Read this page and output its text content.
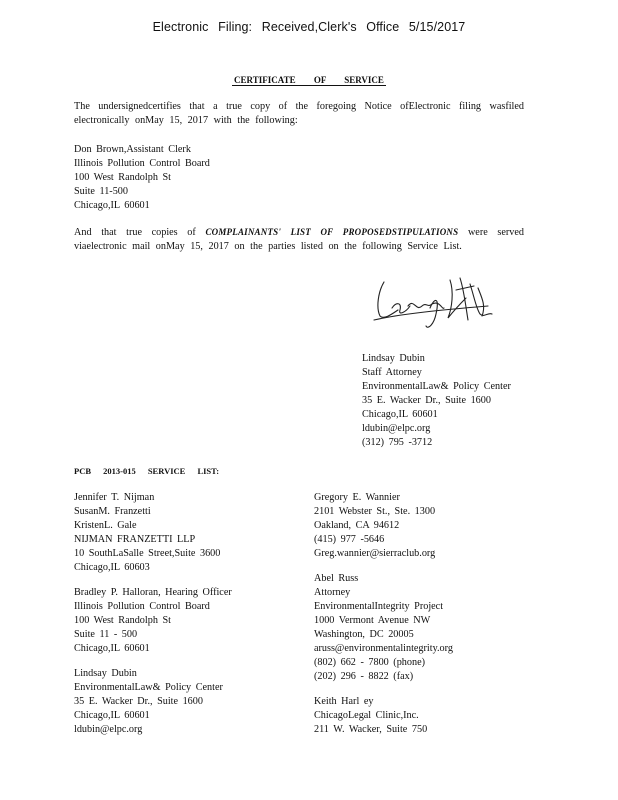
Electronic Filing: Received,Clerk's Office 5/15/2017
CERTIFICATE OF SERVICE
The undersignedcertifies that a true copy of the foregoing Notice ofElectronic filing wasfiled electronically onMay 15, 2017 with the following:
Don Brown,Assistant Clerk
Illinois Pollution Control Board
100 West Randolph St
Suite 11-500
Chicago,IL 60601
And that true copies of COMPLAINANTS' LIST OF PROPOSEDSTIPULATIONS were served viaelectronic mail onMay 15, 2017 on the parties listed on the following Service List.
Lindsay Dubin
Staff Attorney
EnvironmentalLaw& Policy Center
35 E. Wacker Dr., Suite 1600
Chicago,IL 60601
ldubin@elpc.org
(312) 795 -3712
PCB 2013-015 SERVICE LIST:
Jennifer T. Nijman
SusanM. Franzetti
KristenL. Gale
NIJMAN FRANZETTI LLP
10 SouthLaSalle Street,Suite 3600
Chicago,IL 60603
Bradley P. Halloran, Hearing Officer
Illinois Pollution Control Board
100 West Randolph St
Suite 11 - 500
Chicago,IL 60601
Lindsay Dubin
EnvironmentalLaw& Policy Center
35 E. Wacker Dr., Suite 1600
Chicago,IL 60601
ldubin@elpc.org
Gregory E. Wannier
2101 Webster St., Ste. 1300
Oakland, CA 94612
(415) 977 -5646
Greg.wannier@sierraclub.org
Abel Russ
Attorney
EnvironmentalIntegrity Project
1000 Vermont Avenue NW
Washington, DC 20005
aruss@environmentalintegrity.org
(802) 662 - 7800 (phone)
(202) 296 - 8822 (fax)
Keith Harl ey
ChicagoLegal Clinic,Inc.
211 W. Wacker, Suite 750
